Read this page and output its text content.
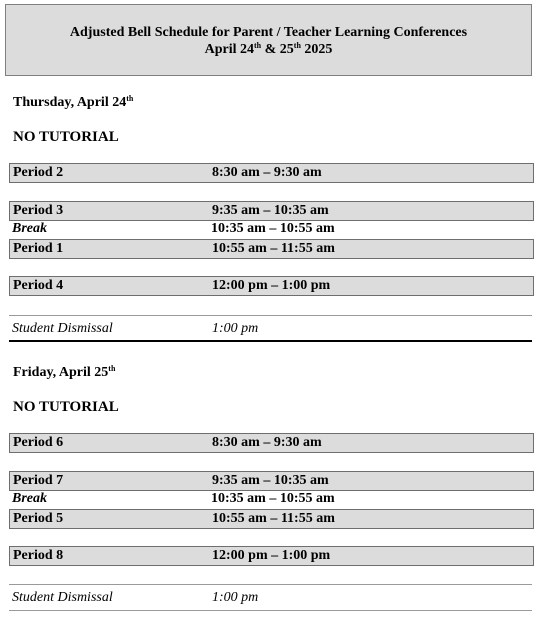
Adjusted Bell Schedule for Parent / Teacher Learning Conferences
April 24th & 25th 2025
Thursday, April 24th
NO TUTORIAL
Period 2	8:30 am – 9:30 am
Period 3	9:35 am – 10:35 am
Break	10:35 am – 10:55 am
Period 1	10:55 am – 11:55 am
Period 4	12:00 pm – 1:00 pm
Student Dismissal	1:00 pm
Friday, April 25th
NO TUTORIAL
Period 6	8:30 am – 9:30 am
Period 7	9:35 am – 10:35 am
Break	10:35 am – 10:55 am
Period 5	10:55 am – 11:55 am
Period 8	12:00 pm – 1:00 pm
Student Dismissal	1:00 pm
